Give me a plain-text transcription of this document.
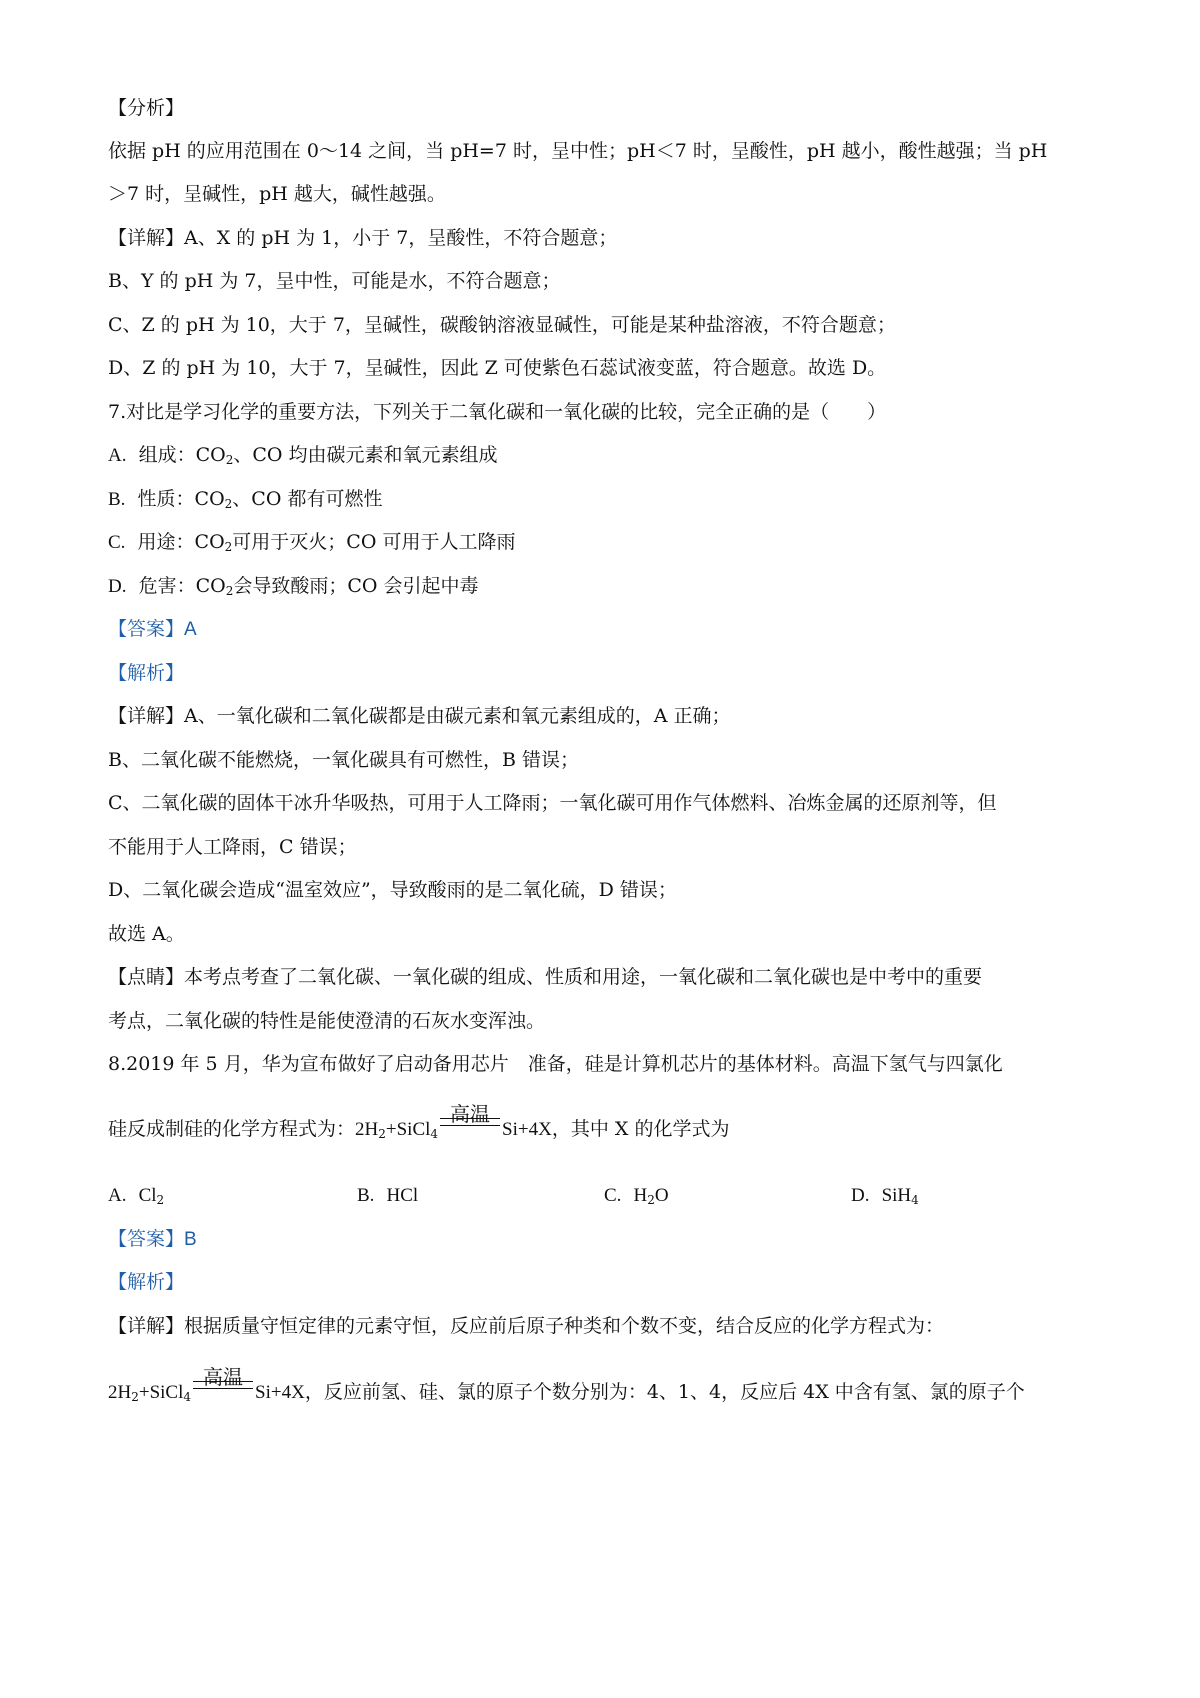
【分析】
依据 pH 的应用范围在 0～14 之间，当 pH=7 时，呈中性；pH＜7 时，呈酸性，pH 越小，酸性越强；当 pH
＞7 时，呈碱性，pH 越大，碱性越强。
【详解】A、X 的 pH 为 1，小于 7，呈酸性，不符合题意；
B、Y 的 pH 为 7，呈中性，可能是水，不符合题意；
C、Z 的 pH 为 10，大于 7，呈碱性，碳酸钠溶液显碱性，可能是某种盐溶液，不符合题意；
D、Z 的 pH 为 10，大于 7，呈碱性，因此 Z 可使紫色石蕊试液变蓝，符合题意。故选 D。
7.对比是学习化学的重要方法，下列关于二氧化碳和一氧化碳的比较，完全正确的是（　　）
A. 组成：$CO_2$、CO 均由碳元素和氧元素组成
B. 性质：$CO_2$、CO 都有可燃性
C. 用途：$CO_2$可用于灭火；CO 可用于人工降雨
D. 危害：$CO_2$会导致酸雨；CO 会引起中毒
【答案】A
【解析】
【详解】A、一氧化碳和二氧化碳都是由碳元素和氧元素组成的，A 正确；
B、二氧化碳不能燃烧，一氧化碳具有可燃性，B 错误；
C、二氧化碳的固体干冰升华吸热，可用于人工降雨；一氧化碳可用作气体燃料、冶炼金属的还原剂等，但
不能用于人工降雨，C 错误；
D、二氧化碳会造成“温室效应”，导致酸雨的是二氧化硫，D 错误；
故选 A。
【点睛】本考点考查了二氧化碳、一氧化碳的组成、性质和用途，一氧化碳和二氧化碳也是中考中的重要
考点，二氧化碳的特性是能使澄清的石灰水变浑浊。
8.2019 年 5 月，华为宣布做好了启动备用芯片　准备，硅是计算机芯片的基体材料。高温下氢气与四氯化
硅反成制硅的化学方程式为：$2H_2+SiCl_4$
高温
Si+4X，其中 X 的化学式为
A. $Cl_2$	B. HCl	C. $H_2O$	D. SiH$_4$
【答案】B
【解析】
【详解】根据质量守恒定律的元素守恒，反应前后原子种类和个数不变，结合反应的化学方程式为：
$2H_2+SiCl_4$
高温
Si+4X，反应前氢、硅、氯的原子个数分别为：4、1、4，反应后 4X 中含有氢、氯的原子个
